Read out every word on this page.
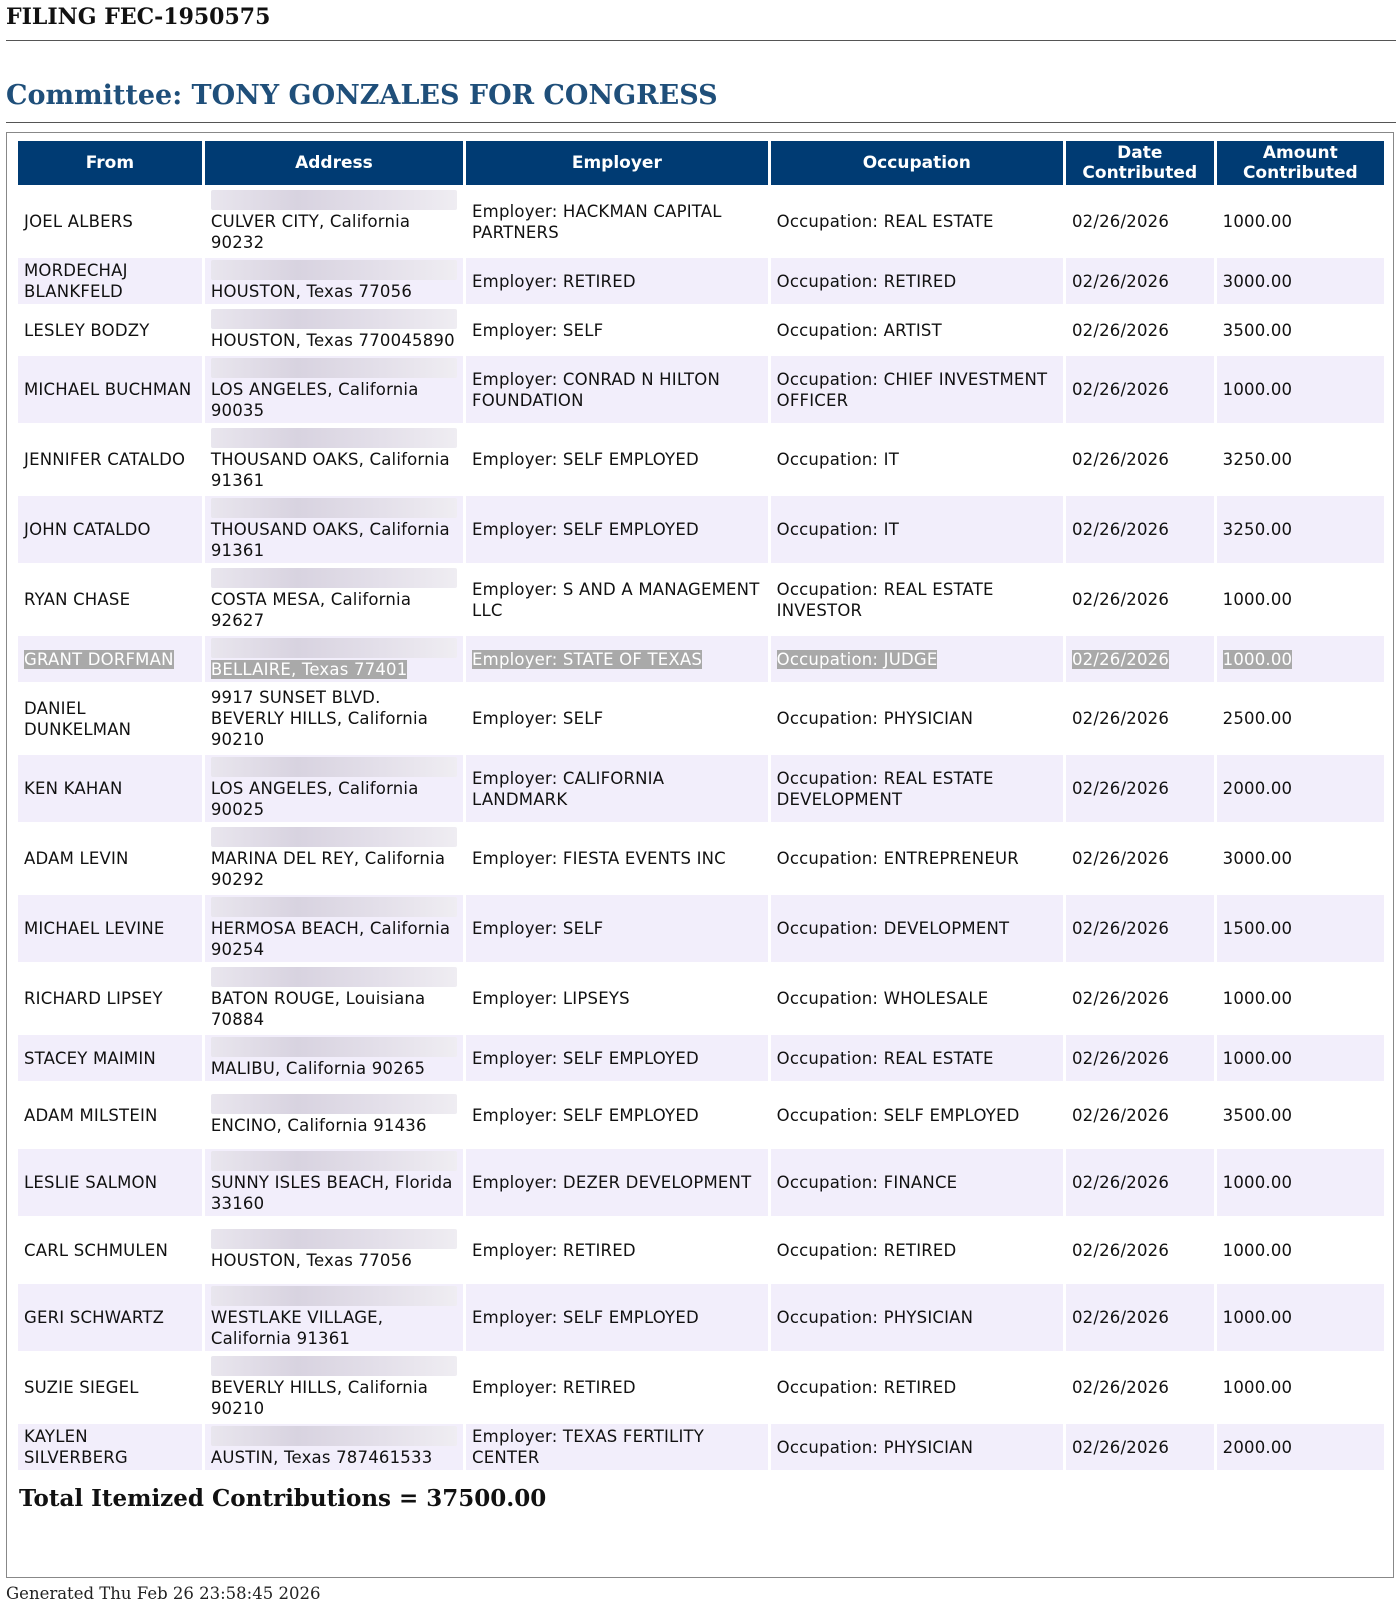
FILING FEC-1950575
Committee: TONY GONZALES FOR CONGRESS
From	Address	Employer	Occupation	Date Contributed	Amount Contributed
JOEL ALBERS	CULVER CITY, California 90232	Employer: HACKMAN CAPITAL PARTNERS	Occupation: REAL ESTATE	02/26/2026	1000.00
MORDECHAJ BLANKFELD	HOUSTON, Texas 77056	Employer: RETIRED	Occupation: RETIRED	02/26/2026	3000.00
LESLEY BODZY	HOUSTON, Texas 770045890	Employer: SELF	Occupation: ARTIST	02/26/2026	3500.00
MICHAEL BUCHMAN	LOS ANGELES, California 90035	Employer: CONRAD N HILTON FOUNDATION	Occupation: CHIEF INVESTMENT OFFICER	02/26/2026	1000.00
JENNIFER CATALDO	THOUSAND OAKS, California 91361	Employer: SELF EMPLOYED	Occupation: IT	02/26/2026	3250.00
JOHN CATALDO	THOUSAND OAKS, California 91361	Employer: SELF EMPLOYED	Occupation: IT	02/26/2026	3250.00
RYAN CHASE	COSTA MESA, California 92627	Employer: S AND A MANAGEMENT LLC	Occupation: REAL ESTATE INVESTOR	02/26/2026	1000.00
GRANT DORFMAN	BELLAIRE, Texas 77401	Employer: STATE OF TEXAS	Occupation: JUDGE	02/26/2026	1000.00
DANIEL DUNKELMAN	9917 SUNSET BLVD.
BEVERLY HILLS, California 90210	Employer: SELF	Occupation: PHYSICIAN	02/26/2026	2500.00
KEN KAHAN	LOS ANGELES, California 90025	Employer: CALIFORNIA LANDMARK	Occupation: REAL ESTATE DEVELOPMENT	02/26/2026	2000.00
ADAM LEVIN	MARINA DEL REY, California 90292	Employer: FIESTA EVENTS INC	Occupation: ENTREPRENEUR	02/26/2026	3000.00
MICHAEL LEVINE	HERMOSA BEACH, California 90254	Employer: SELF	Occupation: DEVELOPMENT	02/26/2026	1500.00
RICHARD LIPSEY	BATON ROUGE, Louisiana 70884	Employer: LIPSEYS	Occupation: WHOLESALE	02/26/2026	1000.00
STACEY MAIMIN	MALIBU, California 90265	Employer: SELF EMPLOYED	Occupation: REAL ESTATE	02/26/2026	1000.00
ADAM MILSTEIN	ENCINO, California 91436	Employer: SELF EMPLOYED	Occupation: SELF EMPLOYED	02/26/2026	3500.00
LESLIE SALMON	SUNNY ISLES BEACH, Florida 33160	Employer: DEZER DEVELOPMENT	Occupation: FINANCE	02/26/2026	1000.00
CARL SCHMULEN	HOUSTON, Texas 77056	Employer: RETIRED	Occupation: RETIRED	02/26/2026	1000.00
GERI SCHWARTZ	WESTLAKE VILLAGE, California 91361	Employer: SELF EMPLOYED	Occupation: PHYSICIAN	02/26/2026	1000.00
SUZIE SIEGEL	BEVERLY HILLS, California 90210	Employer: RETIRED	Occupation: RETIRED	02/26/2026	1000.00
KAYLEN SILVERBERG	AUSTIN, Texas 787461533	Employer: TEXAS FERTILITY CENTER	Occupation: PHYSICIAN	02/26/2026	2000.00

Total Itemized Contributions = 37500.00

Generated Thu Feb 26 23:58:45 2026
